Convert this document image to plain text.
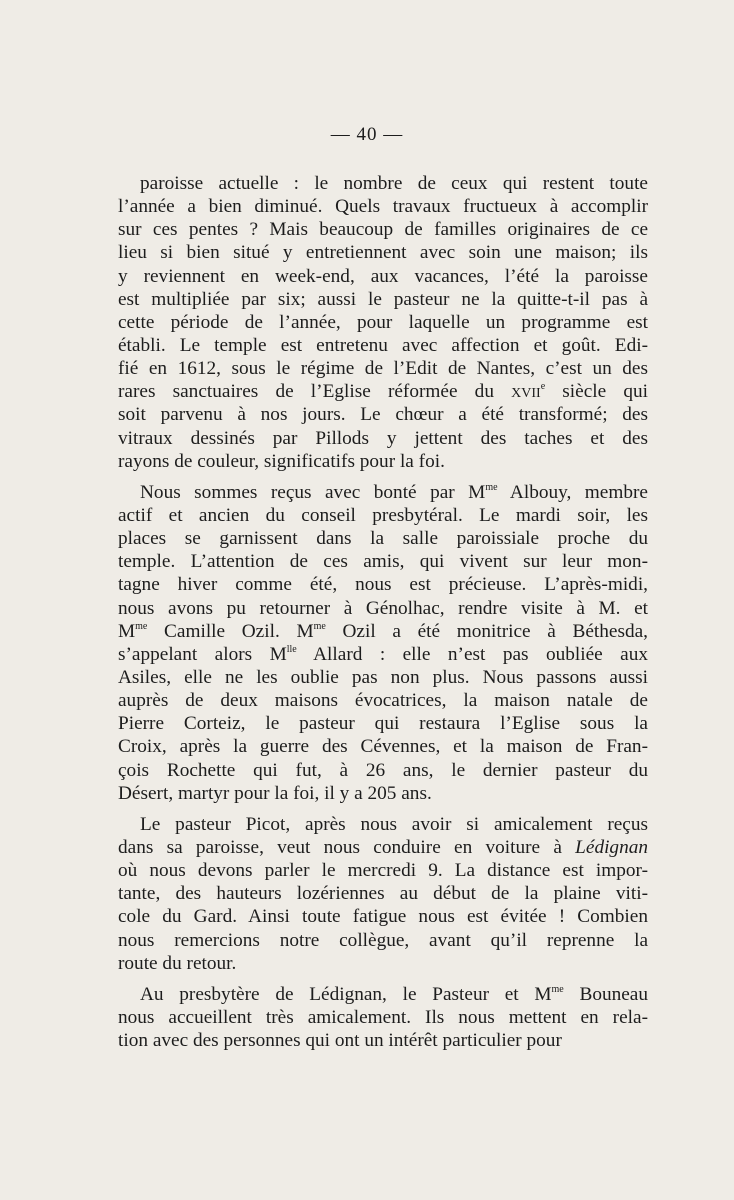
— 40 —
paroisse actuelle : le nombre de ceux qui restent toute
l’année a bien diminué. Quels travaux fructueux à accomplir
sur ces pentes ? Mais beaucoup de familles originaires de ce
lieu si bien situé y entretiennent avec soin une maison; ils
y reviennent en week-end, aux vacances, l’été la paroisse
est multipliée par six; aussi le pasteur ne la quitte-t-il pas à
cette période de l’année, pour laquelle un programme est
établi. Le temple est entretenu avec affection et goût. Edi-
fié en 1612, sous le régime de l’Edit de Nantes, c’est un des
rares sanctuaires de l’Eglise réformée du xvii$^e$ siècle qui
soit parvenu à nos jours. Le chœur a été transformé; des
vitraux dessinés par Pillods y jettent des taches et des
rayons de couleur, significatifs pour la foi.
Nous sommes reçus avec bonté par $M^{me}$ Albouy, membre
actif et ancien du conseil presbytéral. Le mardi soir, les
places se garnissent dans la salle paroissiale proche du
temple. L’attention de ces amis, qui vivent sur leur mon-
tagne hiver comme été, nous est précieuse. L’après-midi,
nous avons pu retourner à Génolhac, rendre visite à M. et
$M^{me}$ Camille Ozil. $M^{me}$ Ozil a été monitrice à Béthesda,
s’appelant alors $M^{lle}$ Allard : elle n’est pas oubliée aux
Asiles, elle ne les oublie pas non plus. Nous passons aussi
auprès de deux maisons évocatrices, la maison natale de
Pierre Corteiz, le pasteur qui restaura l’Eglise sous la
Croix, après la guerre des Cévennes, et la maison de Fran-
çois Rochette qui fut, à 26 ans, le dernier pasteur du
Désert, martyr pour la foi, il y a 205 ans.
Le pasteur Picot, après nous avoir si amicalement reçus
dans sa paroisse, veut nous conduire en voiture à Lédignan
où nous devons parler le mercredi 9. La distance est impor-
tante, des hauteurs lozériennes au début de la plaine viti-
cole du Gard. Ainsi toute fatigue nous est évitée ! Combien
nous remercions notre collègue, avant qu’il reprenne la
route du retour.
Au presbytère de Lédignan, le Pasteur et $M^{me}$ Bouneau
nous accueillent très amicalement. Ils nous mettent en rela-
tion avec des personnes qui ont un intérêt particulier pour
